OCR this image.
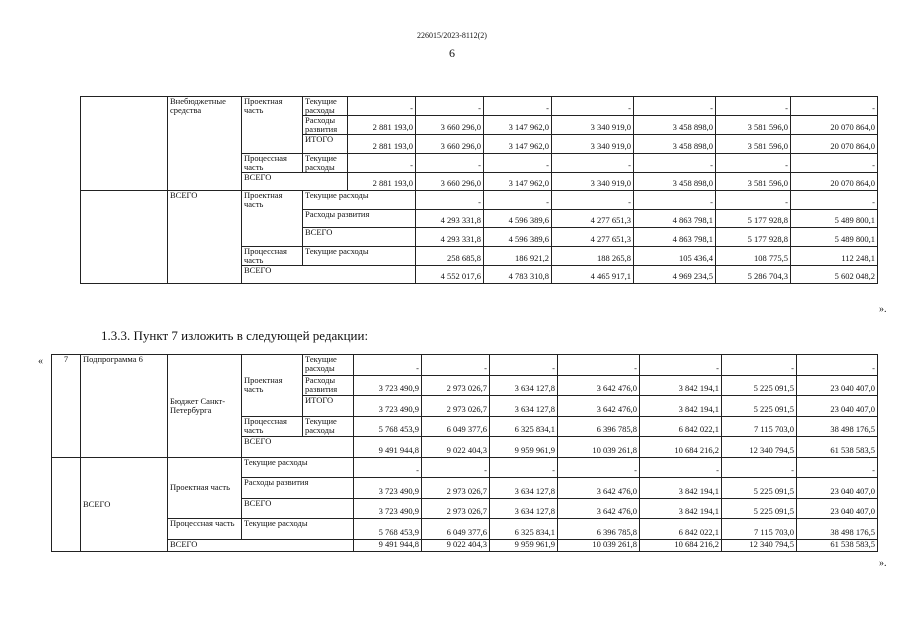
226015/2023-8112(2)
6
	Внебюджетные средства	Проектная часть	Текущие расходы	-	-	-	-	-	-	-	
			Расходы развития	2 881 193,0	3 660 296,0	3 147 962,0	3 340 919,0	3 458 898,0	3 581 596,0	20 070 864,0	
			ИТОГО	2 881 193,0	3 660 296,0	3 147 962,0	3 340 919,0	3 458 898,0	3 581 596,0	20 070 864,0	
		Процессная часть	Текущие расходы	-	-	-	-	-	-	-	
		ВСЕГО		2 881 193,0	3 660 296,0	3 147 962,0	3 340 919,0	3 458 898,0	3 581 596,0	20 070 864,0	
	ВСЕГО	Проектная часть	Текущие расходы		-	-	-	-	-	-	
			Расходы развития		4 293 331,8	4 596 389,6	4 277 651,3	4 863 798,1	5 177 928,8	5 489 800,1	
			ВСЕГО		4 293 331,8	4 596 389,6	4 277 651,3	4 863 798,1	5 177 928,8	5 489 800,1	
		Процессная часть	Текущие расходы		258 685,8	186 921,2	188 265,8	105 436,4	108 775,5	112 248,1	
		ВСЕГО			4 552 017,6	4 783 310,8	4 465 917,1	4 969 234,5	5 286 704,3	5 602 048,2	
».
1.3.3. Пункт 7 изложить в следующей редакции:
« 7	Подпрограмма 6	Бюджет Санкт-Петербурга	Проектная часть	Текущие расходы	-	-	-	-	-	-	-
				Расходы развития	3 723 490,9	2 973 026,7	3 634 127,8	3 642 476,0	3 842 194,1	5 225 091,5	23 040 407,0
				ИТОГО	3 723 490,9	2 973 026,7	3 634 127,8	3 642 476,0	3 842 194,1	5 225 091,5	23 040 407,0
			Процессная часть	Текущие расходы	5 768 453,9	6 049 377,6	6 325 834,1	6 396 785,8	6 842 022,1	7 115 703,0	38 498 176,5
			ВСЕГО		9 491 944,8	9 022 404,3	9 959 961,9	10 039 261,8	10 684 216,2	12 340 794,5	61 538 583,5
	ВСЕГО	Проектная часть	Текущие расходы		-	-	-	-	-	-	-
			Расходы развития		3 723 490,9	2 973 026,7	3 634 127,8	3 642 476,0	3 842 194,1	5 225 091,5	23 040 407,0
			ВСЕГО		3 723 490,9	2 973 026,7	3 634 127,8	3 642 476,0	3 842 194,1	5 225 091,5	23 040 407,0
		Процессная часть	Текущие расходы		5 768 453,9	6 049 377,6	6 325 834,1	6 396 785,8	6 842 022,1	7 115 703,0	38 498 176,5
		ВСЕГО			9 491 944,8	9 022 404,3	9 959 961,9	10 039 261,8	10 684 216,2	12 340 794,5	61 538 583,5
».
